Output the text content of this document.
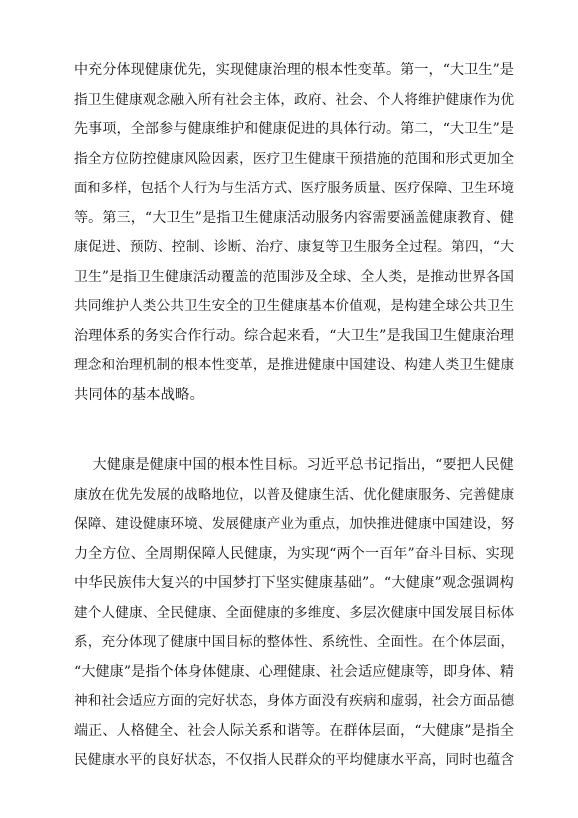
中充分体现健康优先，实现健康治理的根本性变革。第一，“大卫生”是
指卫生健康观念融入所有社会主体，政府、社会、个人将维护健康作为优
先事项，全部参与健康维护和健康促进的具体行动。第二，“大卫生”是
指全方位防控健康风险因素，医疗卫生健康干预措施的范围和形式更加全
面和多样，包括个人行为与生活方式、医疗服务质量、医疗保障、卫生环境
等。第三，“大卫生”是指卫生健康活动服务内容需要涵盖健康教育、健
康促进、预防、控制、诊断、治疗、康复等卫生服务全过程。第四，“大
卫生”是指卫生健康活动覆盖的范围涉及全球、全人类，是推动世界各国
共同维护人类公共卫生安全的卫生健康基本价值观，是构建全球公共卫生
治理体系的务实合作行动。综合起来看，“大卫生”是我国卫生健康治理
理念和治理机制的根本性变革，是推进健康中国建设、构建人类卫生健康
共同体的基本战略。
大健康是健康中国的根本性目标。习近平总书记指出，“要把人民健
康放在优先发展的战略地位，以普及健康生活、优化健康服务、完善健康
保障、建设健康环境、发展健康产业为重点，加快推进健康中国建设，努
力全方位、全周期保障人民健康，为实现“两个一百年”奋斗目标、实现
中华民族伟大复兴的中国梦打下坚实健康基础”。“大健康”观念强调构
建个人健康、全民健康、全面健康的多维度、多层次健康中国发展目标体
系，充分体现了健康中国目标的整体性、系统性、全面性。在个体层面，
“大健康”是指个体身体健康、心理健康、社会适应健康等，即身体、精
神和社会适应方面的完好状态，身体方面没有疾病和虚弱，社会方面品德
端正、人格健全、社会人际关系和谐等。在群体层面，“大健康”是指全
民健康水平的良好状态，不仅指人民群众的平均健康水平高，同时也蕴含
